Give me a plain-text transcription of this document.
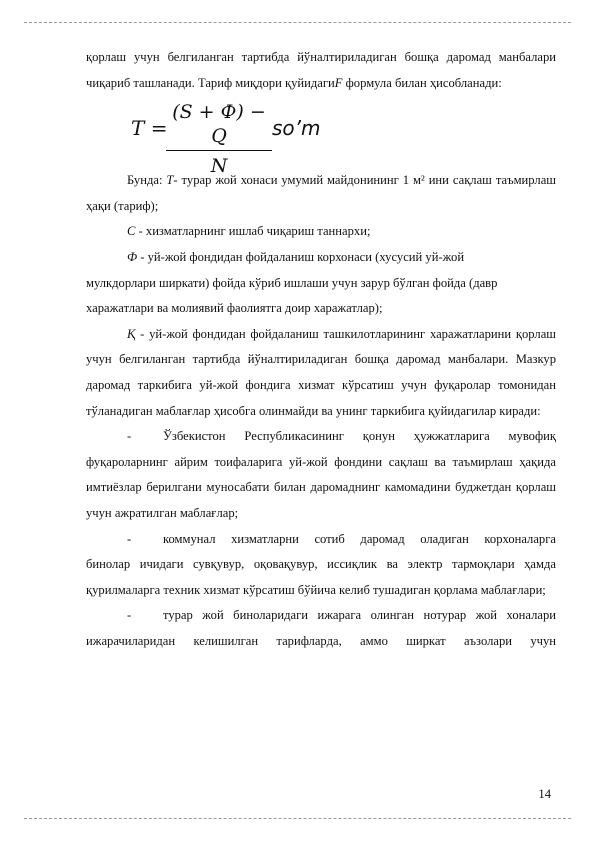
қорлаш учун белгиланган тартибда йўналтириладиган бошқа даромад манбалари чиқариб ташланади. Тариф миқдори қуйидагиF формула билан ҳисобланади:

T =
(S + Ф) − Q
N
so’m

Бунда: T- турар жой хонаси умумий майдонининг 1 м² ини сақлаш таъмирлаш ҳақи (тариф);

C - хизматларнинг ишлаб чиқариш таннархи;

Ф - уй-жой фондидан фойдаланиш корхонаси (хусусий уй-жой

мулкдорлари ширкати) фойда кўриб ишлаши учун зарур бўлган фойда (давр

харажатлари ва молиявий фаолиятга доир харажатлар);

Қ - уй-жой фондидан фойдаланиш ташкилотларининг харажатларини қорлаш учун белгиланган тартибда йўналтириладиган бошқа даромад манбалари. Мазкур даромад таркибига уй-жой фондига хизмат кўрсатиш учун фуқаролар томонидан тўланадиган маблағлар ҳисобга олинмайди ва унинг таркибига қуйидагилар киради:

-	Ўзбекистон Республикасининг қонун ҳужжатларига мувофиқ

фуқароларнинг айрим тоифаларига уй-жой фондини сақлаш ва таъмирлаш ҳақида имтиёзлар берилгани муносабати билан даромаднинг камомадини буджетдан қорлаш учун ажратилган маблағлар;

-	коммунал хизматларни сотиб даромад оладиган корхоналарга

бинолар ичидаги сувқувур, оқовақувур, иссиқлик ва электр тармоқлари ҳамда қурилмаларга техник хизмат кўрсатиш бўйича келиб тушадиган қорлама маблағлари;

-	турар жой биноларидаги ижарага олинган нотурар жой хоналари

ижарачиларидан келишилган тарифларда, аммо ширкат аъзолари учун

14
